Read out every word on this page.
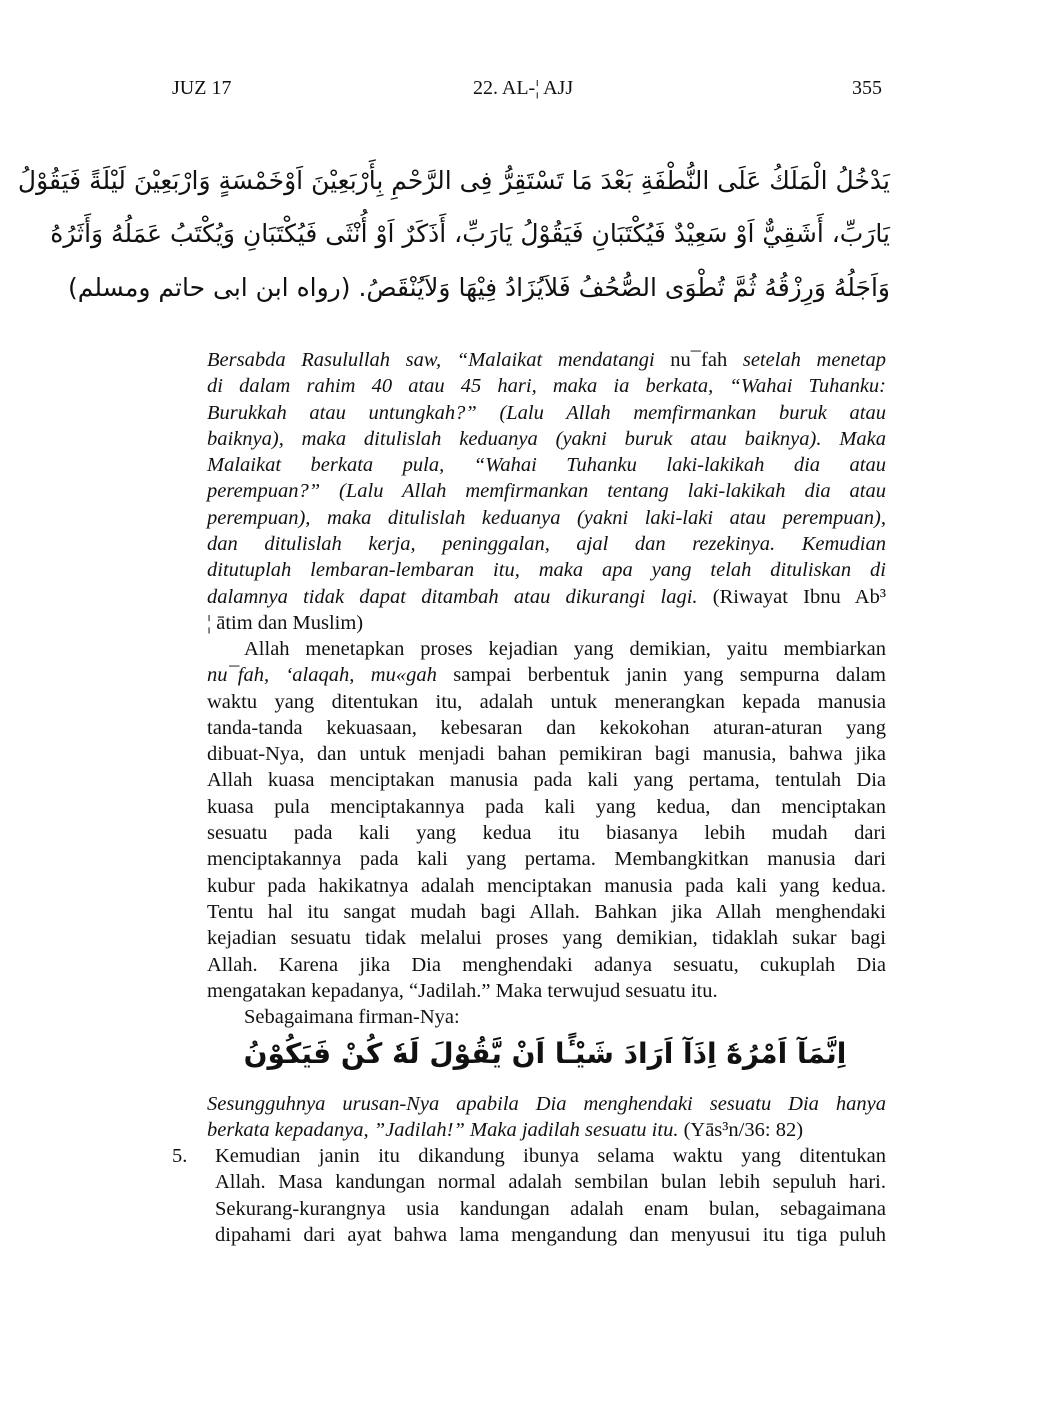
JUZ 17	22. AL-¦ AJJ	355
يَدْخُلُ الْمَلَكُ عَلَى النُّطْفَةِ بَعْدَ مَا تَسْتَقِرُّ فِى الرَّحْمِ بِأَرْبَعِيْنَ اَوْخَمْسَةٍ وَارْبَعِيْنَ لَيْلَةً فَيَقُوْلُ
يَارَبِّ، أَشَقِيٌّ اَوْ سَعِيْدٌ فَيُكْتَبَانِ فَيَقُوْلُ يَارَبِّ، أَذَكَرٌ اَوْ أُنْثَى فَيُكْتَبَانِ وَيُكْتَبُ عَمَلُهُ وَأَثَرُهُ
وَاَجَلُهُ وَرِزْقُهُ ثُمَّ تُطْوَى الصُّحُفُ فَلاَيُزَادُ فِيْهَا وَلاَيُنْقَصُ. (رواه ابن ابى حاتم ومسلم)
Bersabda Rasulullah saw, “Malaikat mendatangi nu¯fah setelah menetap
di dalam rahim 40 atau 45 hari, maka ia berkata, “Wahai Tuhanku:
Burukkah atau untungkah?” (Lalu Allah memfirmankan buruk atau
baiknya), maka ditulislah keduanya (yakni buruk atau baiknya). Maka
Malaikat berkata pula, “Wahai Tuhanku laki-lakikah dia atau
perempuan?” (Lalu Allah memfirmankan tentang laki-lakikah dia atau
perempuan), maka ditulislah keduanya (yakni laki-laki atau perempuan),
dan ditulislah kerja, peninggalan, ajal dan rezekinya. Kemudian
ditutuplah lembaran-lembaran itu, maka apa yang telah dituliskan di
dalamnya tidak dapat ditambah atau dikurangi lagi. (Riwayat Ibnu Ab³
¦ ātim dan Muslim)
Allah menetapkan proses kejadian yang demikian, yaitu membiarkan
nu¯fah, ‘alaqah, mu«gah sampai berbentuk janin yang sempurna dalam
waktu yang ditentukan itu, adalah untuk menerangkan kepada manusia
tanda-tanda kekuasaan, kebesaran dan kekokohan aturan-aturan yang
dibuat-Nya, dan untuk menjadi bahan pemikiran bagi manusia, bahwa jika
Allah kuasa menciptakan manusia pada kali yang pertama, tentulah Dia
kuasa pula menciptakannya pada kali yang kedua, dan menciptakan
sesuatu pada kali yang kedua itu biasanya lebih mudah dari
menciptakannya pada kali yang pertama. Membangkitkan manusia dari
kubur pada hakikatnya adalah menciptakan manusia pada kali yang kedua.
Tentu hal itu sangat mudah bagi Allah. Bahkan jika Allah menghendaki
kejadian sesuatu tidak melalui proses yang demikian, tidaklah sukar bagi
Allah. Karena jika Dia menghendaki adanya sesuatu, cukuplah Dia
mengatakan kepadanya, “Jadilah.” Maka terwujud sesuatu itu.
Sebagaimana firman-Nya:
اِنَّمَآ اَمْرُهٗٓ اِذَآ اَرَادَ شَيْـًٔا اَنْ يَّقُوْلَ لَهٗ كُنْ فَيَكُوْنُ
Sesungguhnya urusan-Nya apabila Dia menghendaki sesuatu Dia hanya
berkata kepadanya, ”Jadilah!” Maka jadilah sesuatu itu. (Yās³n/36: 82)
5. Kemudian janin itu dikandung ibunya selama waktu yang ditentukan
Allah. Masa kandungan normal adalah sembilan bulan lebih sepuluh hari.
Sekurang-kurangnya usia kandungan adalah enam bulan, sebagaimana
dipahami dari ayat bahwa lama mengandung dan menyusui itu tiga puluh
